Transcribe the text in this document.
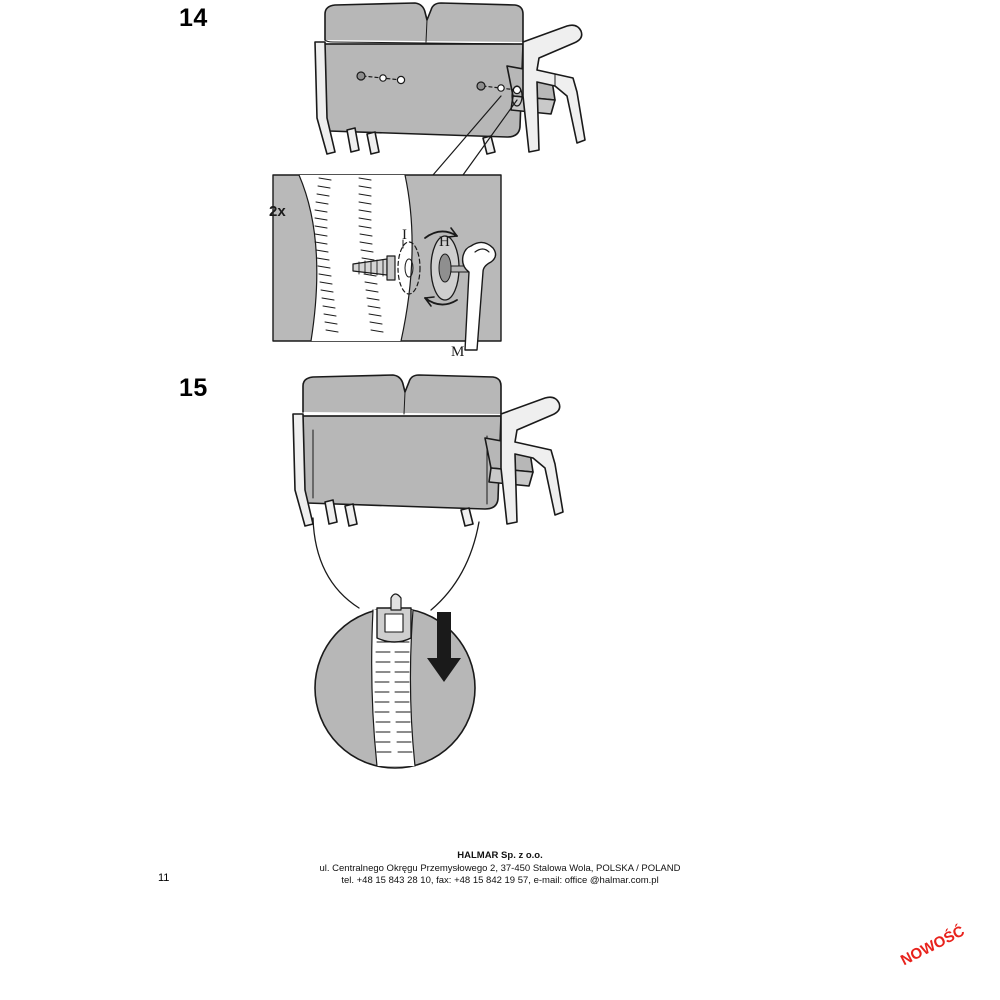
14
I H
M
2x
15
HALMAR Sp. z o.o.
ul. Centralnego Okręgu Przemysłowego 2, 37-450 Stalowa Wola, POLSKA / POLAND
tel. +48 15 843 28 10, fax: +48 15 842 19 57, e-mail: office @halmar.com.pl
11
NOWOŚĆ
